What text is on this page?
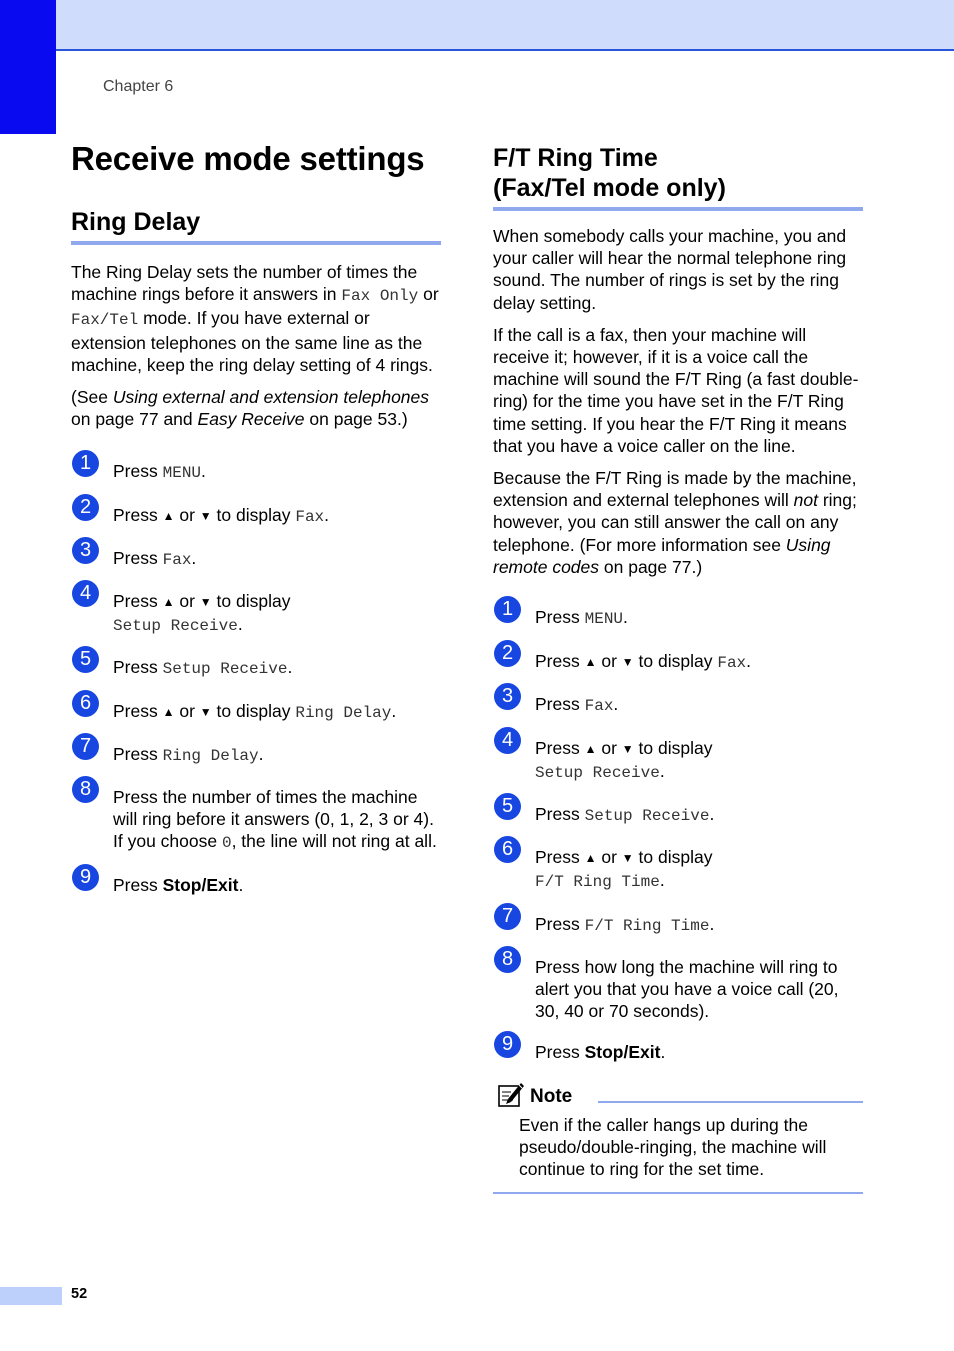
Chapter 6
Receive mode settings
Ring Delay

The Ring Delay sets the number of times the machine rings before it answers in Fax Only or Fax/Tel mode. If you have external or extension telephones on the same line as the machine, keep the ring delay setting of 4 rings.

(See Using external and extension telephones on page 77 and Easy Receive on page 53.)

1	Press MENU.
2	Press ▲ or ▼ to display Fax.
3	Press Fax.
4	Press ▲ or ▼ to display
Setup Receive.
5	Press Setup Receive.
6	Press ▲ or ▼ to display Ring Delay.
7	Press Ring Delay.
8	Press the number of times the machine will ring before it answers (0, 1, 2, 3 or 4). If you choose 0, the line will not ring at all.
9	Press Stop/Exit.
F/T Ring Time
(Fax/Tel mode only)

When somebody calls your machine, you and your caller will hear the normal telephone ring sound. The number of rings is set by the ring delay setting.

If the call is a fax, then your machine will receive it; however, if it is a voice call the machine will sound the F/T Ring (a fast double-ring) for the time you have set in the F/T Ring time setting. If you hear the F/T Ring it means that you have a voice caller on the line.

Because the F/T Ring is made by the machine, extension and external telephones will not ring; however, you can still answer the call on any telephone. (For more information see Using remote codes on page 77.)

1	Press MENU.
2	Press ▲ or ▼ to display Fax.
3	Press Fax.
4	Press ▲ or ▼ to display
Setup Receive.
5	Press Setup Receive.
6	Press ▲ or ▼ to display
F/T Ring Time.
7	Press F/T Ring Time.
8	Press how long the machine will ring to alert you that you have a voice call (20, 30, 40 or 70 seconds).
9	Press Stop/Exit.
Note
Even if the caller hangs up during the pseudo/double-ringing, the machine will continue to ring for the set time.
52
